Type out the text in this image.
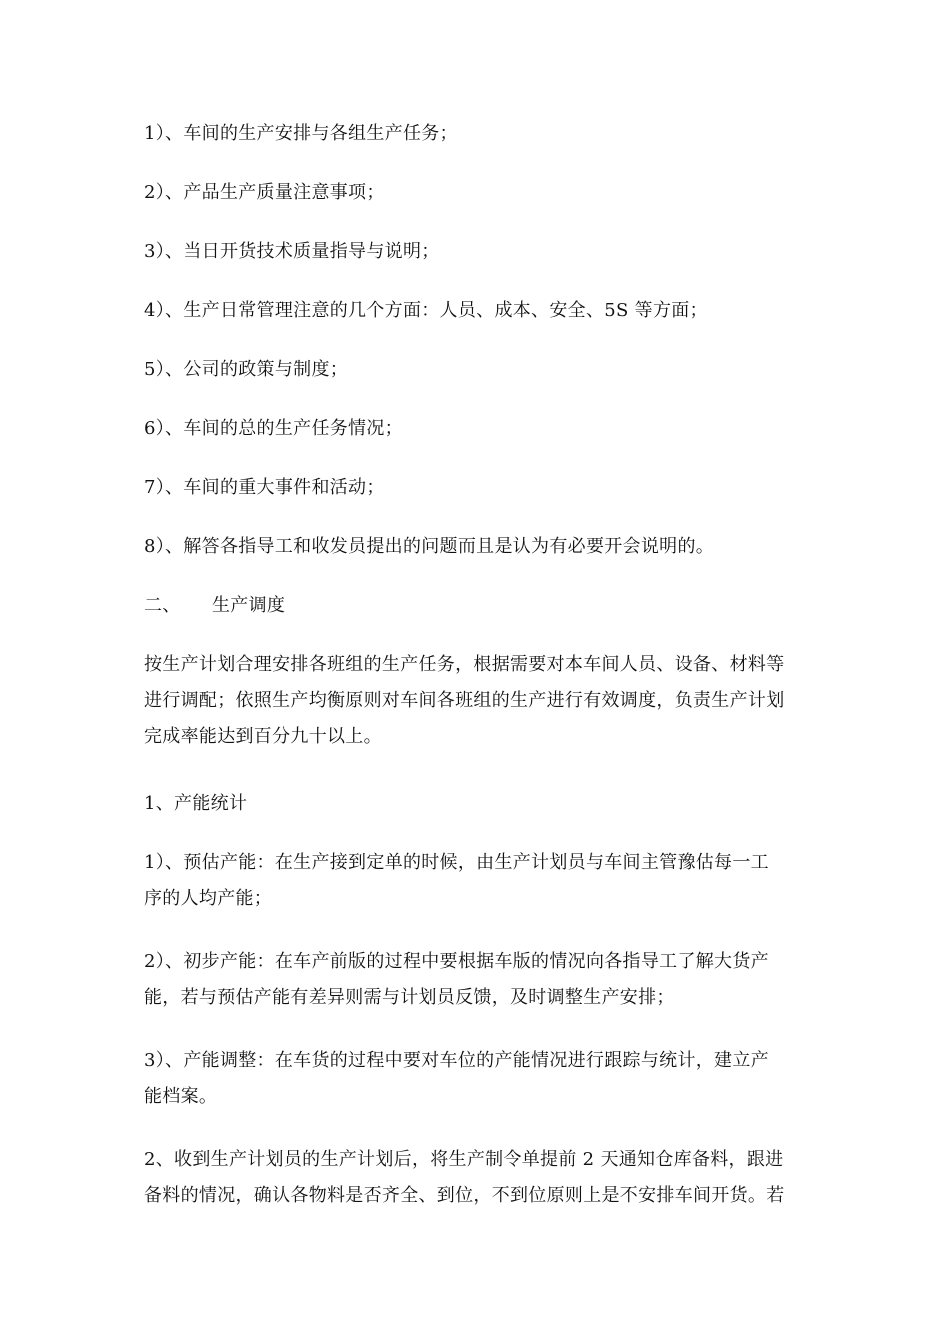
1）、车间的生产安排与各组生产任务；
2）、产品生产质量注意事项；
3）、当日开货技术质量指导与说明；
4）、生产日常管理注意的几个方面：人员、成本、安全、5S 等方面；
5）、公司的政策与制度；
6）、车间的总的生产任务情况；
7）、车间的重大事件和活动；
8）、解答各指导工和收发员提出的问题而且是认为有必要开会说明的。
二、 生产调度
按生产计划合理安排各班组的生产任务，根据需要对本车间人员、设备、材料等
进行调配；依照生产均衡原则对车间各班组的生产进行有效调度，负责生产计划
完成率能达到百分九十以上。
1、产能统计
1）、预估产能：在生产接到定单的时候，由生产计划员与车间主管豫估每一工
序的人均产能；
2）、初步产能：在车产前版的过程中要根据车版的情况向各指导工了解大货产
能，若与预估产能有差异则需与计划员反馈，及时调整生产安排；
3）、产能调整：在车货的过程中要对车位的产能情况进行跟踪与统计，建立产
能档案。
2、收到生产计划员的生产计划后，将生产制令单提前 2 天通知仓库备料，跟进
备料的情况，确认各物料是否齐全、到位，不到位原则上是不安排车间开货。若
